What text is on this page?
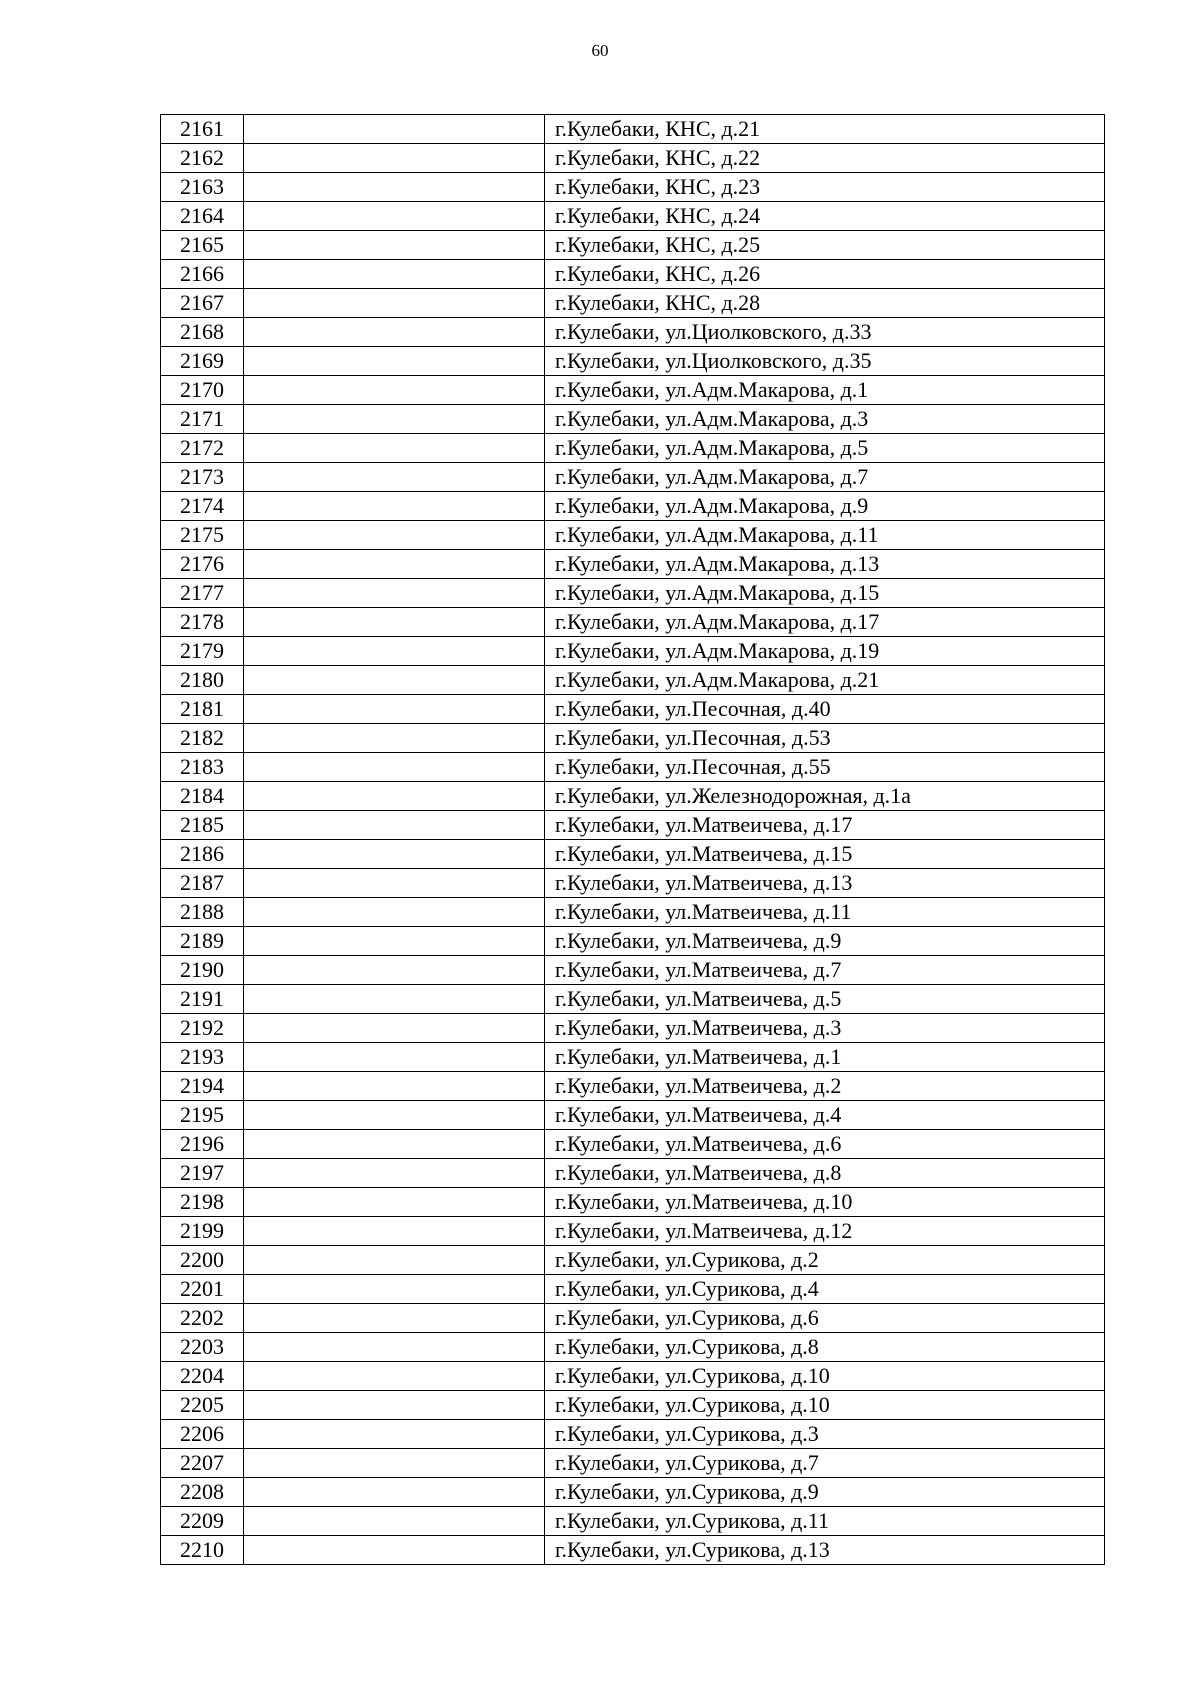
60
2161		г.Кулебаки, КНС, д.21
2162		г.Кулебаки, КНС, д.22
2163		г.Кулебаки, КНС, д.23
2164		г.Кулебаки, КНС, д.24
2165		г.Кулебаки, КНС, д.25
2166		г.Кулебаки, КНС, д.26
2167		г.Кулебаки, КНС, д.28
2168		г.Кулебаки, ул.Циолковского, д.33
2169		г.Кулебаки, ул.Циолковского, д.35
2170		г.Кулебаки, ул.Адм.Макарова, д.1
2171		г.Кулебаки, ул.Адм.Макарова, д.3
2172		г.Кулебаки, ул.Адм.Макарова, д.5
2173		г.Кулебаки, ул.Адм.Макарова, д.7
2174		г.Кулебаки, ул.Адм.Макарова, д.9
2175		г.Кулебаки, ул.Адм.Макарова, д.11
2176		г.Кулебаки, ул.Адм.Макарова, д.13
2177		г.Кулебаки, ул.Адм.Макарова, д.15
2178		г.Кулебаки, ул.Адм.Макарова, д.17
2179		г.Кулебаки, ул.Адм.Макарова, д.19
2180		г.Кулебаки, ул.Адм.Макарова, д.21
2181		г.Кулебаки, ул.Песочная, д.40
2182		г.Кулебаки, ул.Песочная, д.53
2183		г.Кулебаки, ул.Песочная, д.55
2184		г.Кулебаки, ул.Железнодорожная, д.1а
2185		г.Кулебаки, ул.Матвеичева, д.17
2186		г.Кулебаки, ул.Матвеичева, д.15
2187		г.Кулебаки, ул.Матвеичева, д.13
2188		г.Кулебаки, ул.Матвеичева, д.11
2189		г.Кулебаки, ул.Матвеичева, д.9
2190		г.Кулебаки, ул.Матвеичева, д.7
2191		г.Кулебаки, ул.Матвеичева, д.5
2192		г.Кулебаки, ул.Матвеичева, д.3
2193		г.Кулебаки, ул.Матвеичева, д.1
2194		г.Кулебаки, ул.Матвеичева, д.2
2195		г.Кулебаки, ул.Матвеичева, д.4
2196		г.Кулебаки, ул.Матвеичева, д.6
2197		г.Кулебаки, ул.Матвеичева, д.8
2198		г.Кулебаки, ул.Матвеичева, д.10
2199		г.Кулебаки, ул.Матвеичева, д.12
2200		г.Кулебаки, ул.Сурикова, д.2
2201		г.Кулебаки, ул.Сурикова, д.4
2202		г.Кулебаки, ул.Сурикова, д.6
2203		г.Кулебаки, ул.Сурикова, д.8
2204		г.Кулебаки, ул.Сурикова, д.10
2205		г.Кулебаки, ул.Сурикова, д.10
2206		г.Кулебаки, ул.Сурикова, д.3
2207		г.Кулебаки, ул.Сурикова, д.7
2208		г.Кулебаки, ул.Сурикова, д.9
2209		г.Кулебаки, ул.Сурикова, д.11
2210		г.Кулебаки, ул.Сурикова, д.13
